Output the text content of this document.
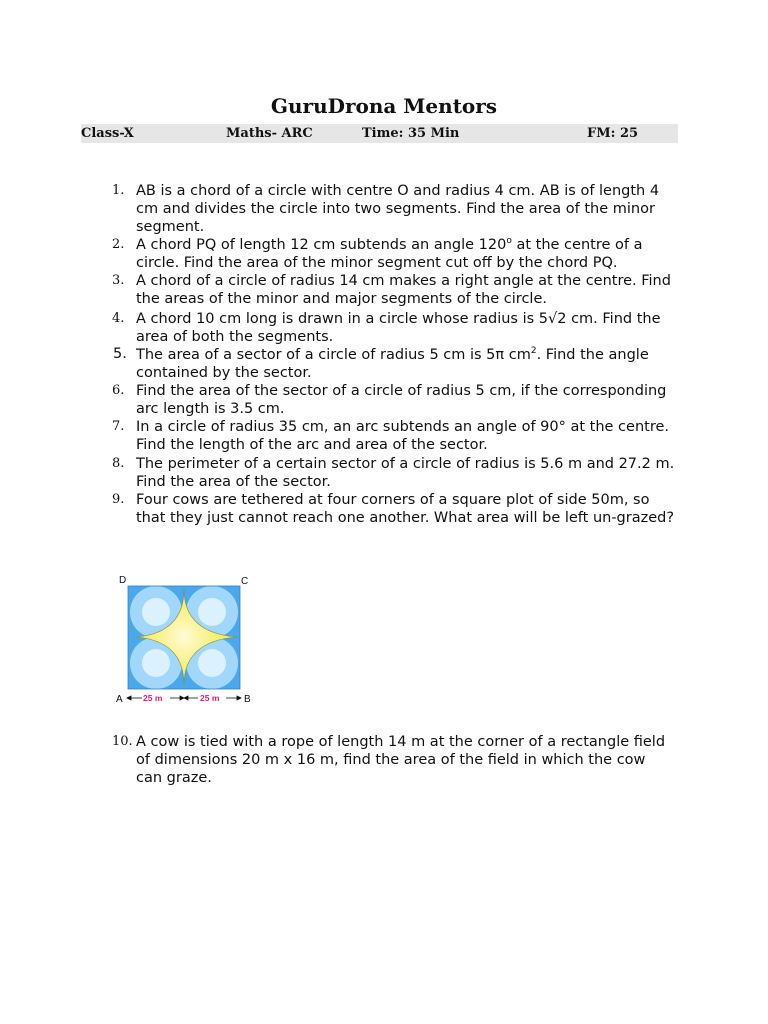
GuruDrona Mentors
Class-X	Maths- ARC	Time: 35 Min	FM: 25
1. AB is a chord of a circle with centre O and radius 4 cm. AB is of length 4 cm and divides the circle into two segments. Find the area of the minor segment.
2. A chord PQ of length 12 cm subtends an angle 120$^o$ at the centre of a circle. Find the area of the minor segment cut off by the chord PQ.
3. A chord of a circle of radius 14 cm makes a right angle at the centre. Find the areas of the minor and major segments of the circle.
4. A chord 10 cm long is drawn in a circle whose radius is 5√2 cm. Find the area of both the segments.
5. The area of a sector of a circle of radius 5 cm is 5π $cm^2$. Find the angle contained by the sector.
6. Find the area of the sector of a circle of radius 5 cm, if the corresponding arc length is 3.5 cm.
7. In a circle of radius 35 cm, an arc subtends an angle of 90° at the centre. Find the length of the arc and area of the sector.
8. The perimeter of a certain sector of a circle of radius is 5.6 m and 27.2 m. Find the area of the sector.
9. Four cows are tethered at four corners of a square plot of side 50m, so that they just cannot reach one another. What area will be left un-grazed?
D	C
A	B
25 m	25 m
10. A cow is tied with a rope of length 14 m at the corner of a rectangle field of dimensions 20 m x 16 m, find the area of the field in which the cow can graze.
